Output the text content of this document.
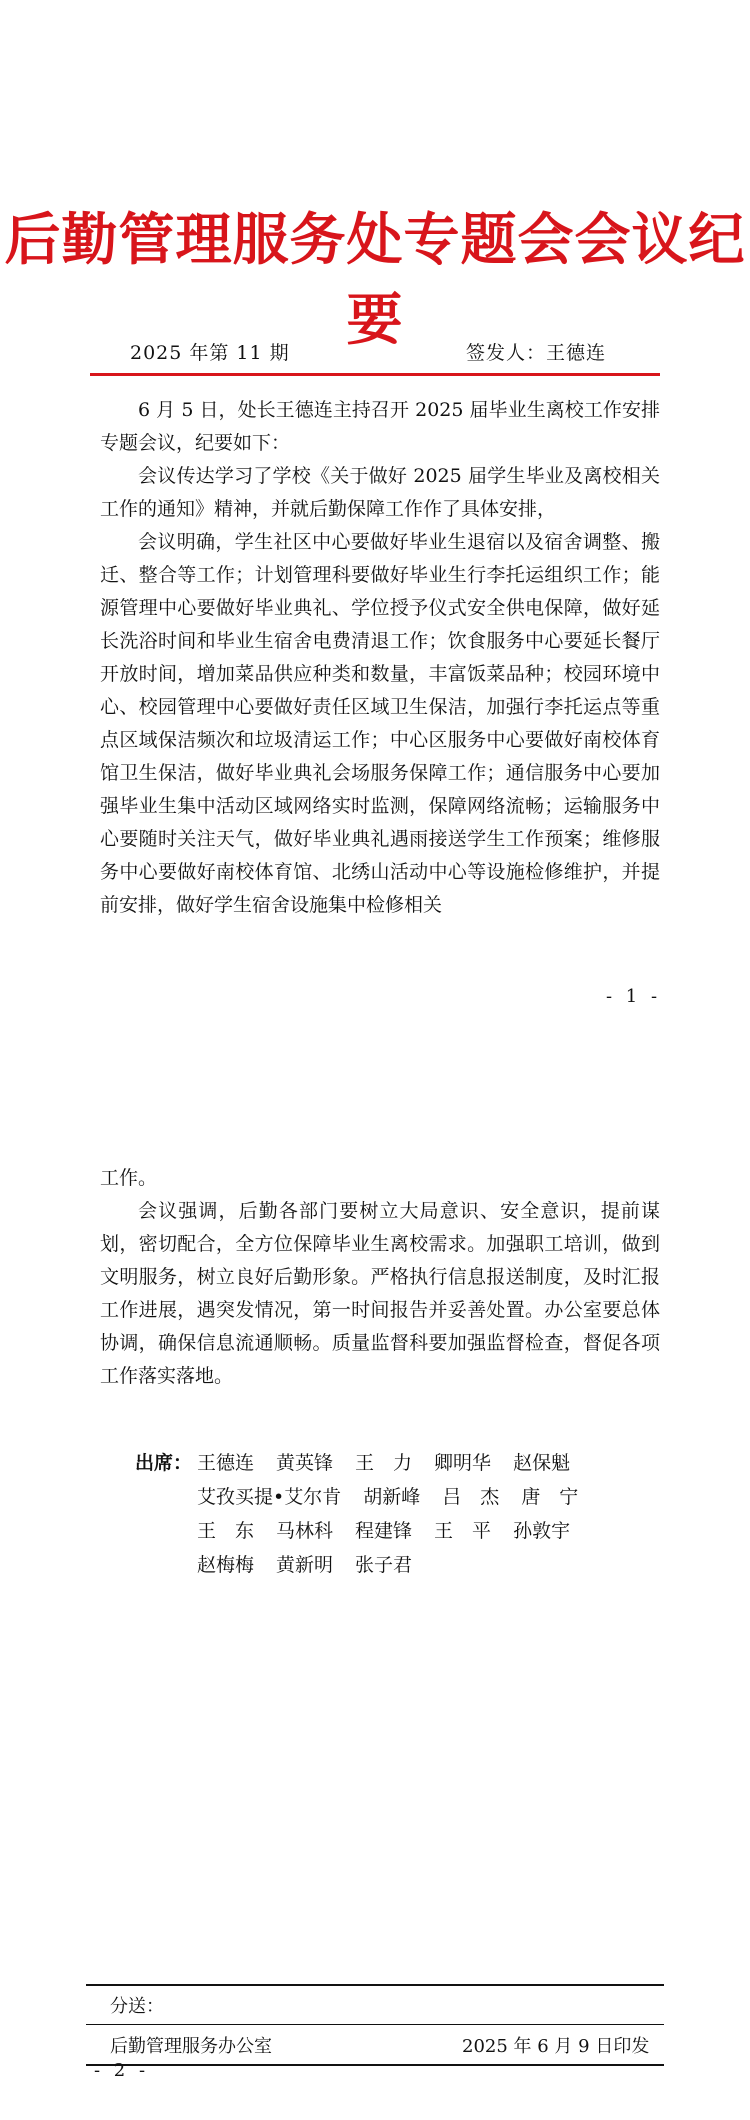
后勤管理服务处专题会会议纪要
2025 年第 11 期	签发人：王德连

6 月 5 日，处长王德连主持召开 2025 届毕业生离校工作安排专题会议，纪要如下：

会议传达学习了学校《关于做好 2025 届学生毕业及离校相关工作的通知》精神，并就后勤保障工作作了具体安排，

会议明确，学生社区中心要做好毕业生退宿以及宿舍调整、搬迁、整合等工作；计划管理科要做好毕业生行李托运组织工作；能源管理中心要做好毕业典礼、学位授予仪式安全供电保障，做好延长洗浴时间和毕业生宿舍电费清退工作；饮食服务中心要延长餐厅开放时间，增加菜品供应种类和数量，丰富饭菜品种；校园环境中心、校园管理中心要做好责任区域卫生保洁，加强行李托运点等重点区域保洁频次和垃圾清运工作；中心区服务中心要做好南校体育馆卫生保洁，做好毕业典礼会场服务保障工作；通信服务中心要加强毕业生集中活动区域网络实时监测，保障网络流畅；运输服务中心要随时关注天气，做好毕业典礼遇雨接送学生工作预案；维修服务中心要做好南校体育馆、北绣山活动中心等设施检修维护，并提前安排，做好学生宿舍设施集中检修相关

- 1 -

工作。

会议强调，后勤各部门要树立大局意识、安全意识，提前谋划，密切配合，全方位保障毕业生离校需求。加强职工培训，做到文明服务，树立良好后勤形象。严格执行信息报送制度，及时汇报工作进展，遇突发情况，第一时间报告并妥善处置。办公室要总体协调，确保信息流通顺畅。质量监督科要加强监督检查，督促各项工作落实落地。

出席： 王德连 黄英锋 王　力 卿明华 赵保魁
艾孜买提•艾尔肯 胡新峰 吕　杰 唐　宁
王　东 马林科 程建锋 王　平 孙敦宇
赵梅梅 黄新明 张子君
分送：
后勤管理服务办公室	2025 年 6 月 9 日印发
- 2 -
